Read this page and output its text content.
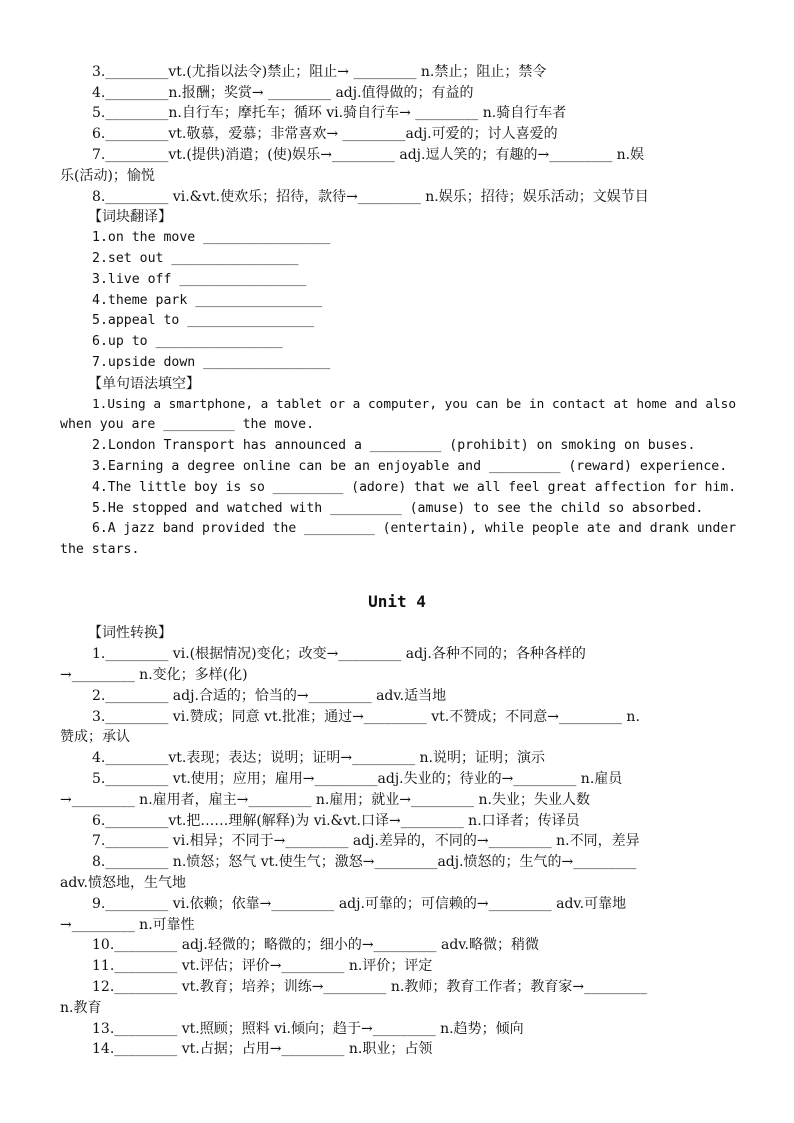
3._________vt.(尤指以法令)禁止；阻止→ _________ n.禁止；阻止；禁令
4._________n.报酬；奖赏→ _________ adj.值得做的；有益的
5._________n.自行车；摩托车；循环 vi.骑自行车→ _________ n.骑自行车者
6._________vt.敬慕，爱慕；非常喜欢→ _________adj.可爱的；讨人喜爱的
7._________vt.(提供)消遣；(使)娱乐→_________ adj.逗人笑的；有趣的→_________ n.娱
乐(活动)；愉悦
8._________ vi.&vt.使欢乐；招待，款待→_________ n.娱乐；招待；娱乐活动；文娱节目
【词块翻译】
1.on the move ________________
2.set out ________________
3.live off ________________
4.theme park ________________
5.appeal to ________________
6.up to ________________
7.upside down ________________
【单句语法填空】
1.Using a smartphone, a tablet or a computer, you can be in contact at home and also
when you are _________ the move.
2.London Transport has announced a _________ (prohibit) on smoking on buses.
3.Earning a degree online can be an enjoyable and _________ (reward) experience.
4.The little boy is so _________ (adore) that we all feel great affection for him.
5.He stopped and watched with _________ (amuse) to see the child so absorbed.
6.A jazz band provided the _________ (entertain), while people ate and drank under
the stars.
Unit 4
【词性转换】
1._________ vi.(根据情况)变化；改变→_________ adj.各种不同的；各种各样的
→_________ n.变化；多样(化)
2._________ adj.合适的；恰当的→_________ adv.适当地
3._________ vi.赞成；同意 vt.批准；通过→_________ vt.不赞成；不同意→_________ n.
赞成；承认
4._________vt.表现；表达；说明；证明→_________ n.说明；证明；演示
5._________ vt.使用；应用；雇用→_________adj.失业的；待业的→_________ n.雇员
→_________ n.雇用者，雇主→_________ n.雇用；就业→_________ n.失业；失业人数
6._________vt.把……理解(解释)为 vi.&vt.口译→_________ n.口译者；传译员
7._________ vi.相异；不同于→_________ adj.差异的，不同的→_________ n.不同，差异
8._________ n.愤怒；怒气 vt.使生气；激怒→_________adj.愤怒的；生气的→_________
adv.愤怒地，生气地
9._________ vi.依赖；依靠→_________ adj.可靠的；可信赖的→_________ adv.可靠地
→_________ n.可靠性
10._________ adj.轻微的；略微的；细小的→_________ adv.略微；稍微
11._________ vt.评估；评价→_________ n.评价；评定
12._________ vt.教育；培养；训练→_________ n.教师；教育工作者；教育家→_________
n.教育
13._________ vt.照顾；照料 vi.倾向；趋于→_________ n.趋势；倾向
14._________ vt.占据；占用→_________ n.职业；占领
